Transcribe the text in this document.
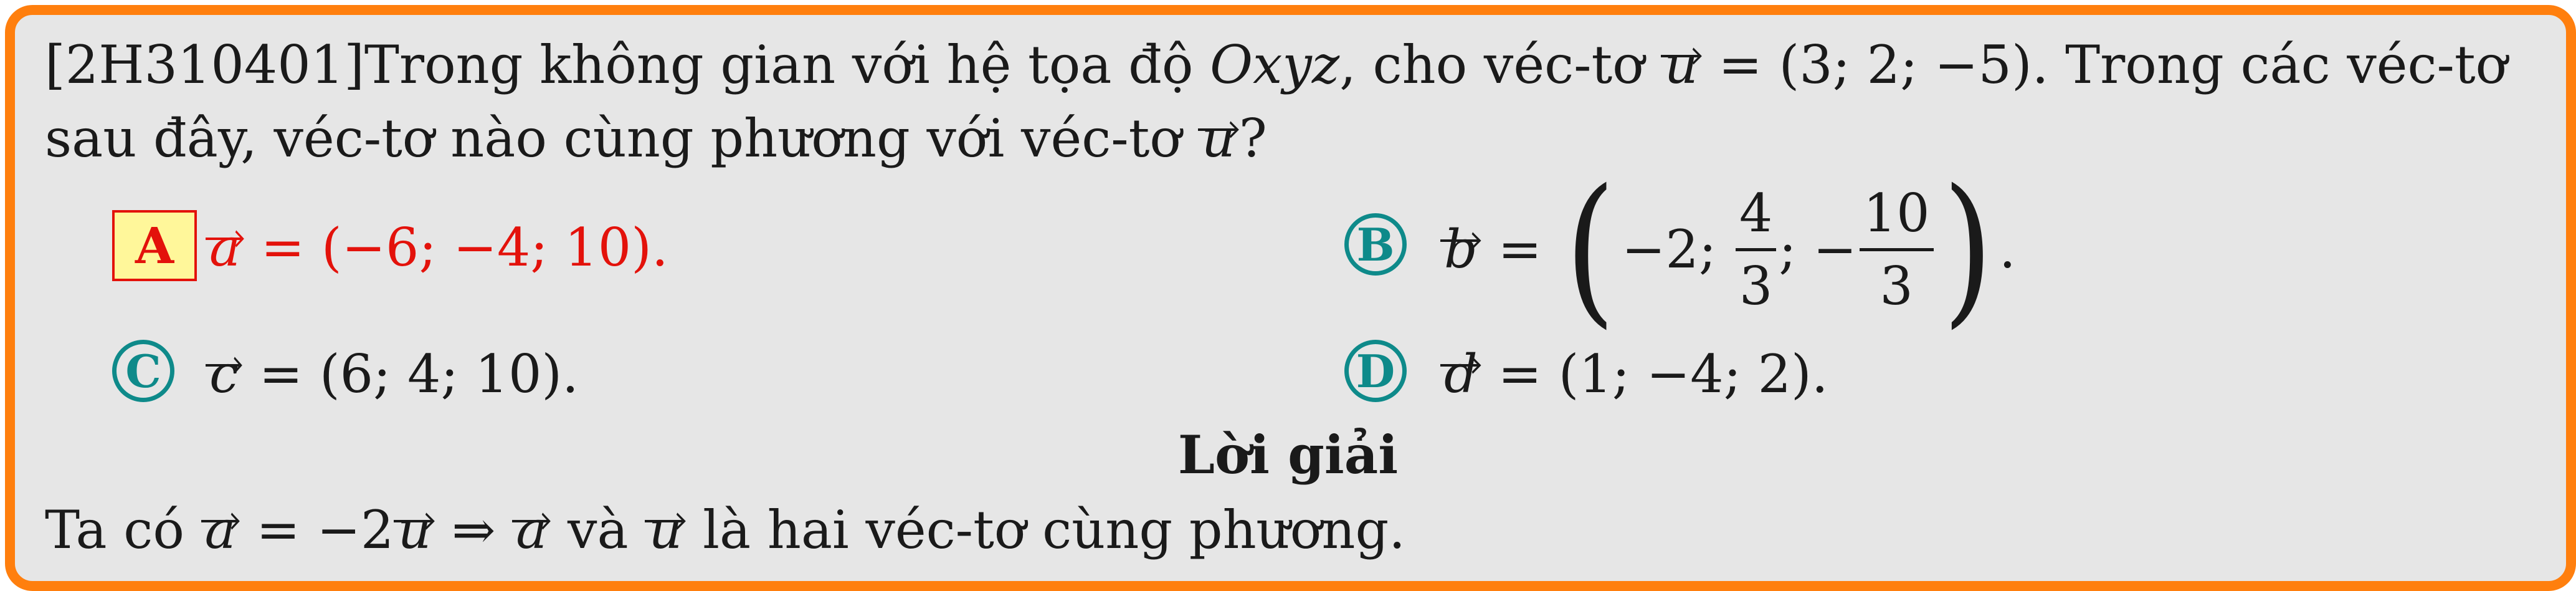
[2H310401]Trong không gian với hệ tọa độ Oxyz, cho véc-tơ
u = (3; 2; −5). Trong các véc-tơ
sau đây, véc-tơ nào cùng phương với véc-tơ
u?
A a = (−6; −4; 10).	B b = ( −2; $\frac{4}{3}$ ; − $\frac{10}{3}$ ) .
C c = (6; 4; 10).	D d = (1; −4; 2).
Lời giải
Ta có
a = −2
u ⇒
a và
u là hai véc-tơ cùng phương.
